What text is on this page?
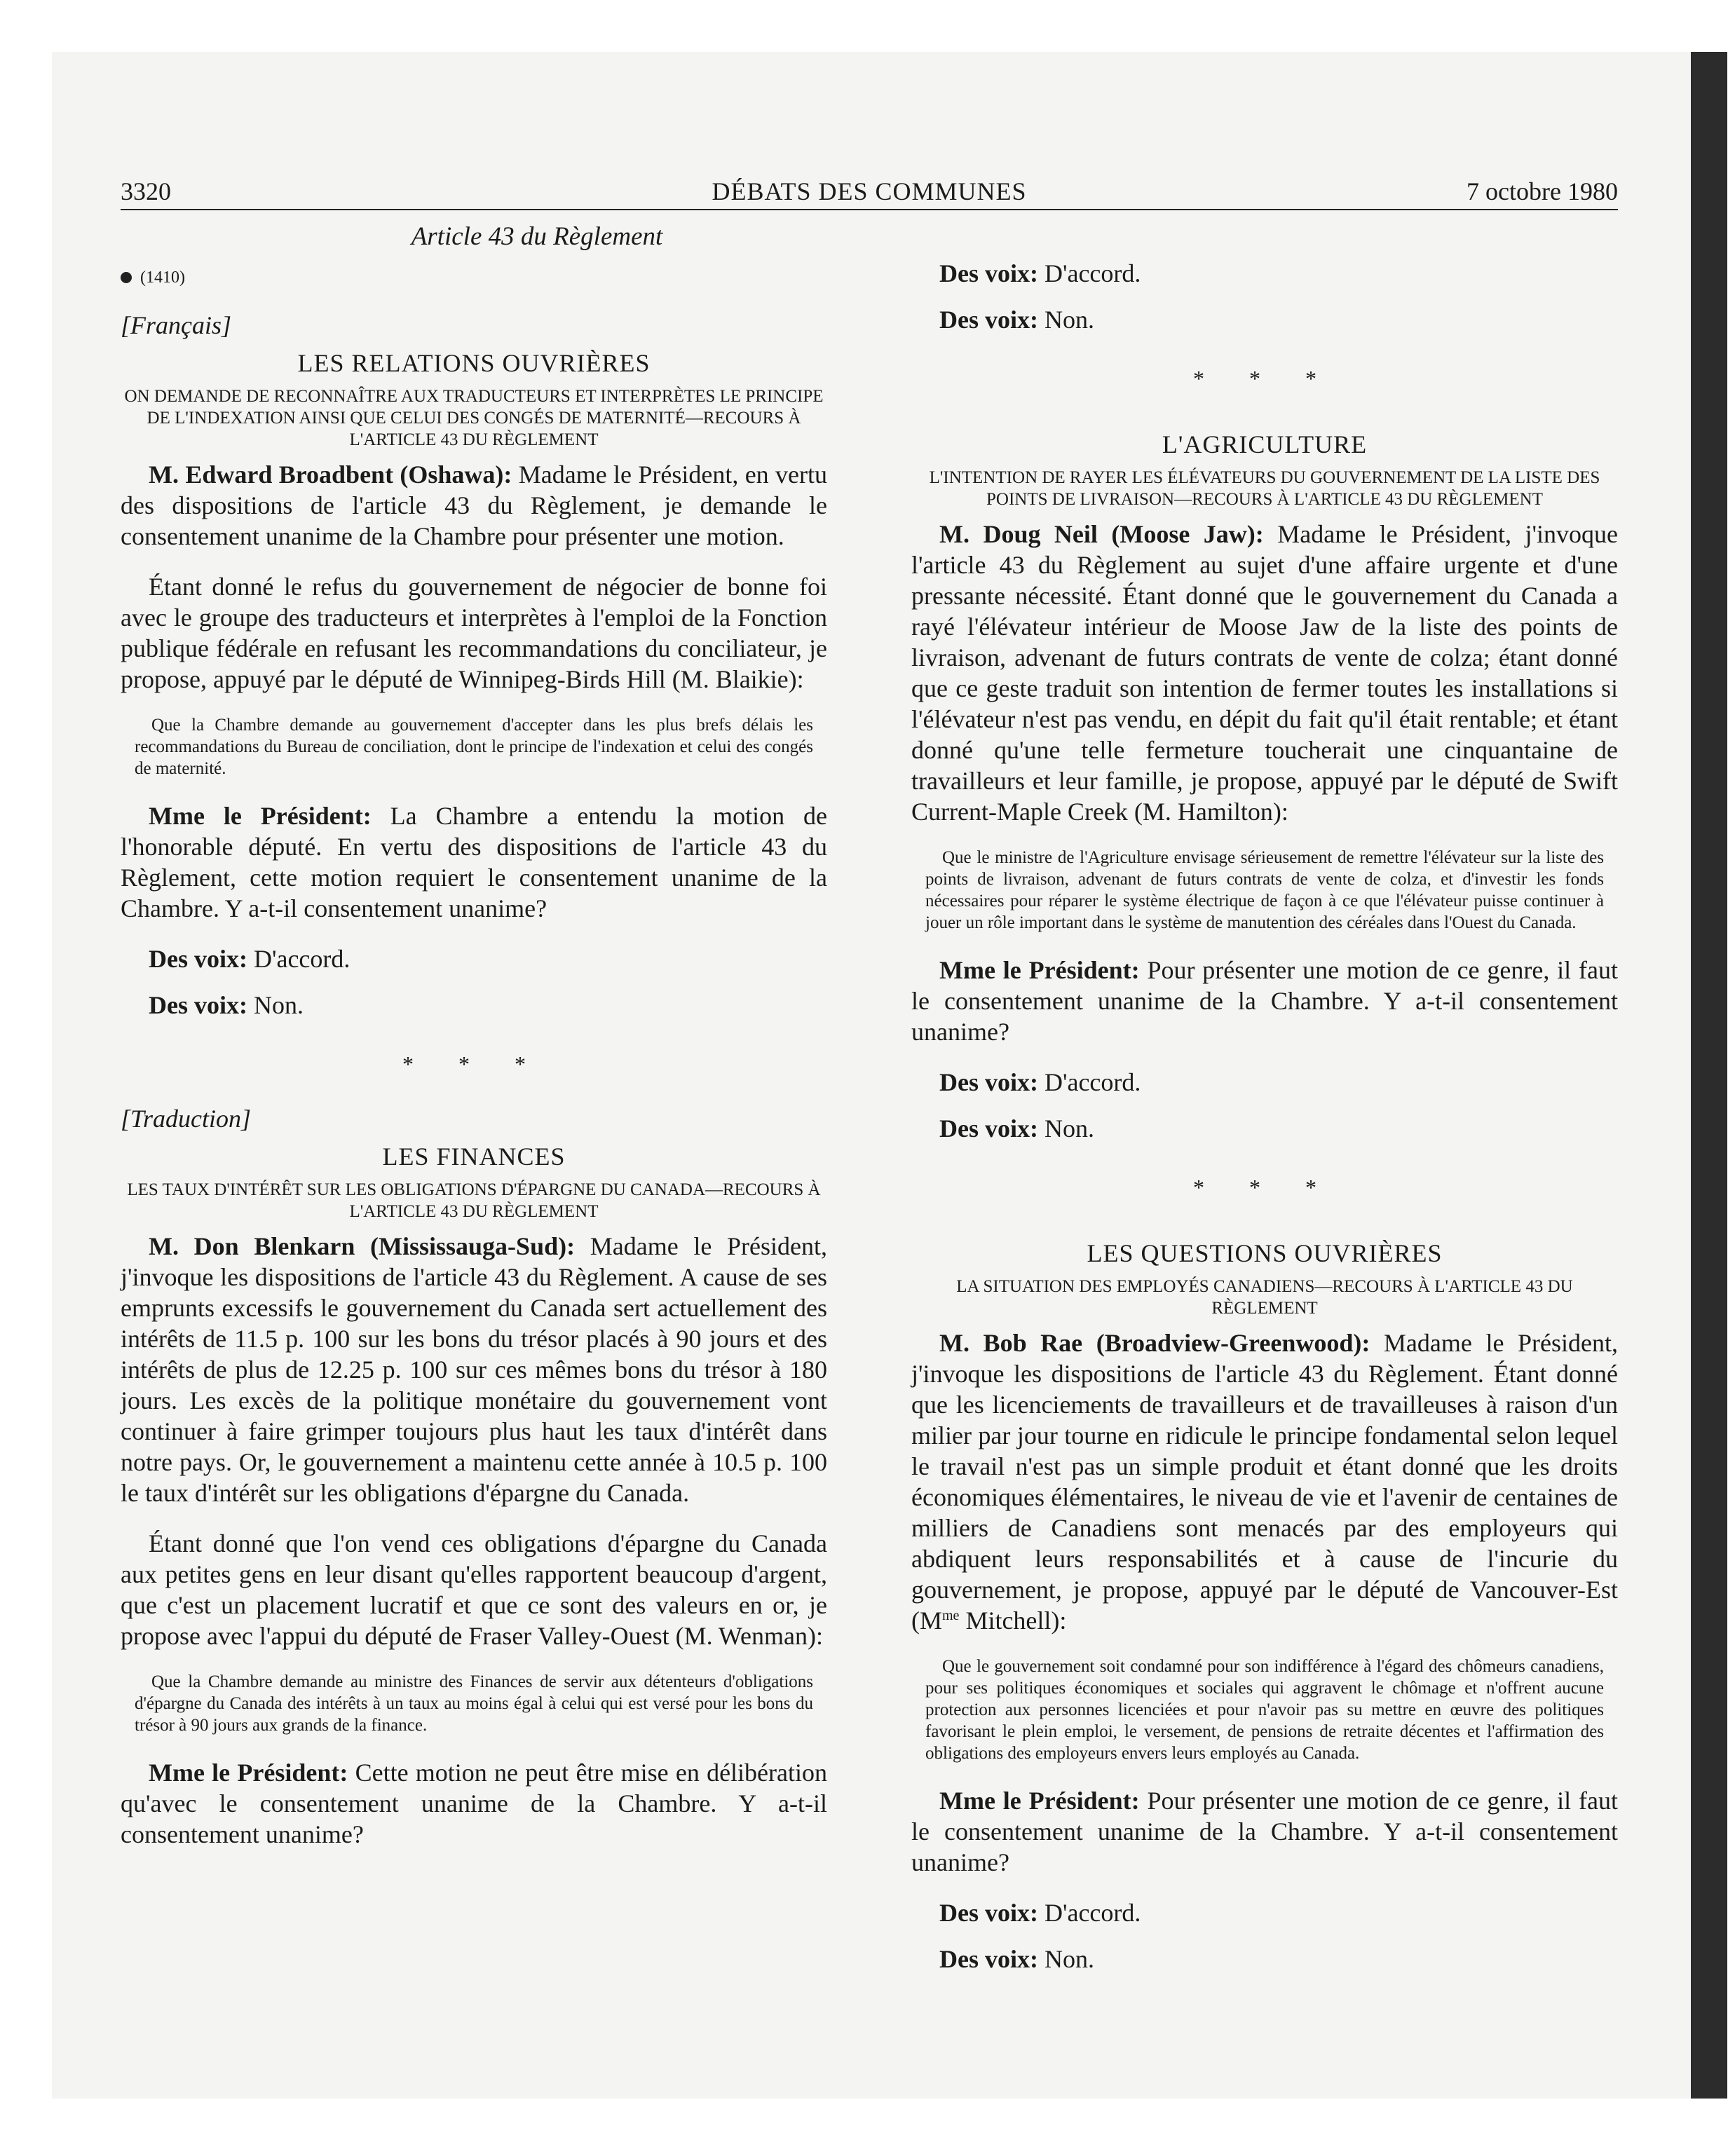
3320	DÉBATS DES COMMUNES	7 octobre 1980
Article 43 du Règlement
(1410)
[Français]
LES RELATIONS OUVRIÈRES
ON DEMANDE DE RECONNAÎTRE AUX TRADUCTEURS ET INTERPRÈTES LE PRINCIPE DE L'INDEXATION AINSI QUE CELUI DES CONGÉS DE MATERNITÉ—RECOURS À L'ARTICLE 43 DU RÈGLEMENT

M. Edward Broadbent (Oshawa): Madame le Président, en vertu des dispositions de l'article 43 du Règlement, je demande le consentement unanime de la Chambre pour présenter une motion.

Étant donné le refus du gouvernement de négocier de bonne foi avec le groupe des traducteurs et interprètes à l'emploi de la Fonction publique fédérale en refusant les recommandations du conciliateur, je propose, appuyé par le député de Winnipeg-Birds Hill (M. Blaikie):

Que la Chambre demande au gouvernement d'accepter dans les plus brefs délais les recommandations du Bureau de conciliation, dont le principe de l'indexation et celui des congés de maternité.

Mme le Président: La Chambre a entendu la motion de l'honorable député. En vertu des dispositions de l'article 43 du Règlement, cette motion requiert le consentement unanime de la Chambre. Y a-t-il consentement unanime?

Des voix: D'accord.

Des voix: Non.

* * *
[Traduction]
LES FINANCES
LES TAUX D'INTÉRÊT SUR LES OBLIGATIONS D'ÉPARGNE DU CANADA—RECOURS À L'ARTICLE 43 DU RÈGLEMENT

M. Don Blenkarn (Mississauga-Sud): Madame le Président, j'invoque les dispositions de l'article 43 du Règlement. A cause de ses emprunts excessifs le gouvernement du Canada sert actuellement des intérêts de 11.5 p. 100 sur les bons du trésor placés à 90 jours et des intérêts de plus de 12.25 p. 100 sur ces mêmes bons du trésor à 180 jours. Les excès de la politique monétaire du gouvernement vont continuer à faire grimper toujours plus haut les taux d'intérêt dans notre pays. Or, le gouvernement a maintenu cette année à 10.5 p. 100 le taux d'intérêt sur les obligations d'épargne du Canada.

Étant donné que l'on vend ces obligations d'épargne du Canada aux petites gens en leur disant qu'elles rapportent beaucoup d'argent, que c'est un placement lucratif et que ce sont des valeurs en or, je propose avec l'appui du député de Fraser Valley-Ouest (M. Wenman):

Que la Chambre demande au ministre des Finances de servir aux détenteurs d'obligations d'épargne du Canada des intérêts à un taux au moins égal à celui qui est versé pour les bons du trésor à 90 jours aux grands de la finance.

Mme le Président: Cette motion ne peut être mise en délibération qu'avec le consentement unanime de la Chambre. Y a-t-il consentement unanime?

Des voix: D'accord.

Des voix: Non.

* * *
L'AGRICULTURE
L'INTENTION DE RAYER LES ÉLÉVATEURS DU GOUVERNEMENT DE LA LISTE DES POINTS DE LIVRAISON—RECOURS À L'ARTICLE 43 DU RÈGLEMENT

M. Doug Neil (Moose Jaw): Madame le Président, j'invoque l'article 43 du Règlement au sujet d'une affaire urgente et d'une pressante nécessité. Étant donné que le gouvernement du Canada a rayé l'élévateur intérieur de Moose Jaw de la liste des points de livraison, advenant de futurs contrats de vente de colza; étant donné que ce geste traduit son intention de fermer toutes les installations si l'élévateur n'est pas vendu, en dépit du fait qu'il était rentable; et étant donné qu'une telle fermeture toucherait une cinquantaine de travailleurs et leur famille, je propose, appuyé par le député de Swift Current-Maple Creek (M. Hamilton):

Que le ministre de l'Agriculture envisage sérieusement de remettre l'élévateur sur la liste des points de livraison, advenant de futurs contrats de vente de colza, et d'investir les fonds nécessaires pour réparer le système électrique de façon à ce que l'élévateur puisse continuer à jouer un rôle important dans le système de manutention des céréales dans l'Ouest du Canada.

Mme le Président: Pour présenter une motion de ce genre, il faut le consentement unanime de la Chambre. Y a-t-il consentement unanime?

Des voix: D'accord.

Des voix: Non.

* * *
LES QUESTIONS OUVRIÈRES
LA SITUATION DES EMPLOYÉS CANADIENS—RECOURS À L'ARTICLE 43 DU RÈGLEMENT

M. Bob Rae (Broadview-Greenwood): Madame le Président, j'invoque les dispositions de l'article 43 du Règlement. Étant donné que les licenciements de travailleurs et de travailleuses à raison d'un milier par jour tourne en ridicule le principe fondamental selon lequel le travail n'est pas un simple produit et étant donné que les droits économiques élémentaires, le niveau de vie et l'avenir de centaines de milliers de Canadiens sont menacés par des employeurs qui abdiquent leurs responsabilités et à cause de l'incurie du gouvernement, je propose, appuyé par le député de Vancouver-Est ($M^{me}$ Mitchell):

Que le gouvernement soit condamné pour son indifférence à l'égard des chômeurs canadiens, pour ses politiques économiques et sociales qui aggravent le chômage et n'offrent aucune protection aux personnes licenciées et pour n'avoir pas su mettre en œuvre des politiques favorisant le plein emploi, le versement, de pensions de retraite décentes et l'affirmation des obligations des employeurs envers leurs employés au Canada.

Mme le Président: Pour présenter une motion de ce genre, il faut le consentement unanime de la Chambre. Y a-t-il consentement unanime?

Des voix: D'accord.

Des voix: Non.
